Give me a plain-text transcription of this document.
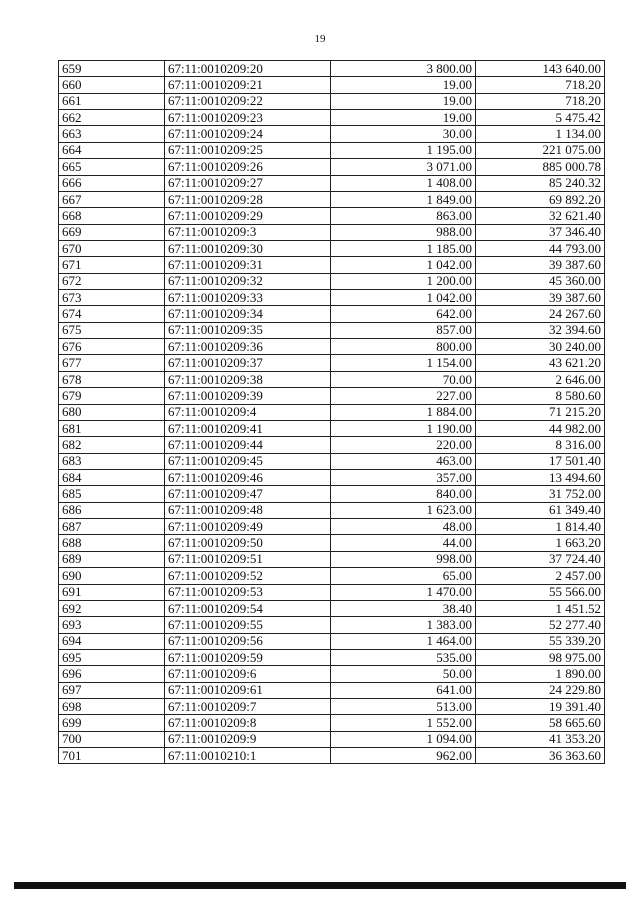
19
659	67:11:0010209:20	3 800.00	143 640.00
660	67:11:0010209:21	19.00	718.20
661	67:11:0010209:22	19.00	718.20
662	67:11:0010209:23	19.00	5 475.42
663	67:11:0010209:24	30.00	1 134.00
664	67:11:0010209:25	1 195.00	221 075.00
665	67:11:0010209:26	3 071.00	885 000.78
666	67:11:0010209:27	1 408.00	85 240.32
667	67:11:0010209:28	1 849.00	69 892.20
668	67:11:0010209:29	863.00	32 621.40
669	67:11:0010209:3	988.00	37 346.40
670	67:11:0010209:30	1 185.00	44 793.00
671	67:11:0010209:31	1 042.00	39 387.60
672	67:11:0010209:32	1 200.00	45 360.00
673	67:11:0010209:33	1 042.00	39 387.60
674	67:11:0010209:34	642.00	24 267.60
675	67:11:0010209:35	857.00	32 394.60
676	67:11:0010209:36	800.00	30 240.00
677	67:11:0010209:37	1 154.00	43 621.20
678	67:11:0010209:38	70.00	2 646.00
679	67:11:0010209:39	227.00	8 580.60
680	67:11:0010209:4	1 884.00	71 215.20
681	67:11:0010209:41	1 190.00	44 982.00
682	67:11:0010209:44	220.00	8 316.00
683	67:11:0010209:45	463.00	17 501.40
684	67:11:0010209:46	357.00	13 494.60
685	67:11:0010209:47	840.00	31 752.00
686	67:11:0010209:48	1 623.00	61 349.40
687	67:11:0010209:49	48.00	1 814.40
688	67:11:0010209:50	44.00	1 663.20
689	67:11:0010209:51	998.00	37 724.40
690	67:11:0010209:52	65.00	2 457.00
691	67:11:0010209:53	1 470.00	55 566.00
692	67:11:0010209:54	38.40	1 451.52
693	67:11:0010209:55	1 383.00	52 277.40
694	67:11:0010209:56	1 464.00	55 339.20
695	67:11:0010209:59	535.00	98 975.00
696	67:11:0010209:6	50.00	1 890.00
697	67:11:0010209:61	641.00	24 229.80
698	67:11:0010209:7	513.00	19 391.40
699	67:11:0010209:8	1 552.00	58 665.60
700	67:11:0010209:9	1 094.00	41 353.20
701	67:11:0010210:1	962.00	36 363.60
